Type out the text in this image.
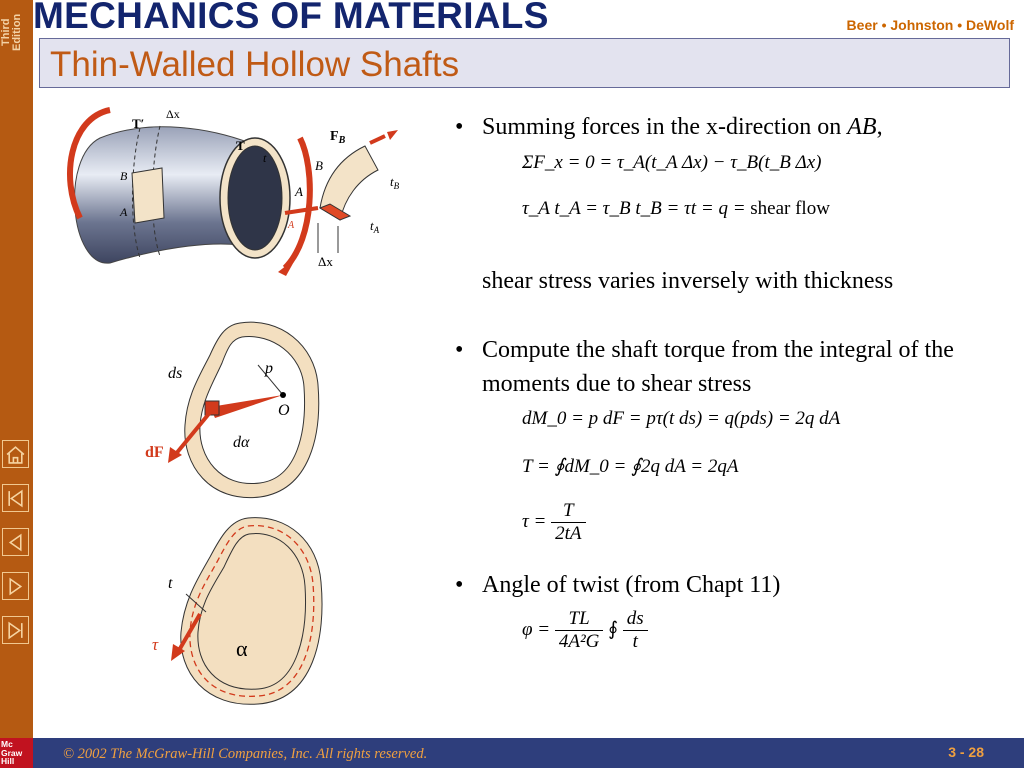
Third Edition MECHANICS OF MATERIALS	Beer • Johnston • DeWolf
Thin-Walled Hollow Shafts
T′
Δx
T
t
B
A
$F_B$
B
$t_B$
A
$t_A$
A
Δx
ds	p
O
dF
dα
t
τ	α
• Summing forces in the x-direction on AB,
ΣF_x = 0 = τ_A(t_A Δx) − τ_B(t_B Δx)
τ_A t_A = τ_B t_B = τt = q = shear flow
shear stress varies inversely with thickness
• Compute the shaft torque from the integral of the moments due to shear stress
dM_0 = p dF = pτ(t ds) = q(pds) = 2q dA
T = ∮dM_0 = ∮2q dA = 2qA
$\tau = \frac{T}{2tA}$
• Angle of twist (from Chapt 11)
$\varphi = \frac{TL}{\text{4A²G}}$ ∮ $\frac{ds}{t}$
Mc Graw Hill	© 2002 The McGraw-Hill Companies, Inc. All rights reserved.	3 - 28
